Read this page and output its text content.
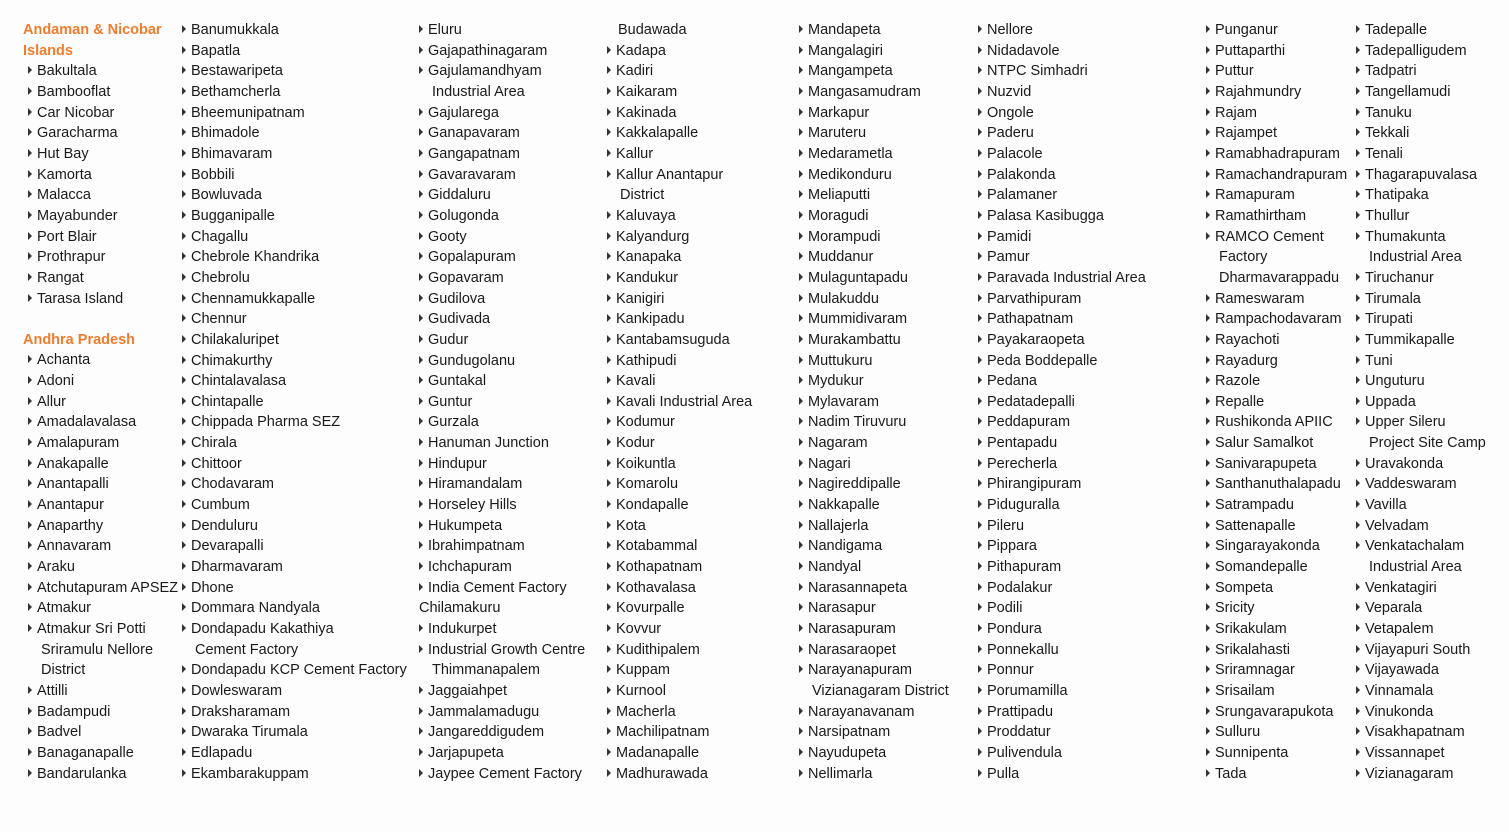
Andaman & Nicobar
Islands
Bakultala
Bambooflat
Car Nicobar
Garacharma
Hut Bay
Kamorta
Malacca
Mayabunder
Port Blair
Prothrapur
Rangat
Tarasa Island
Andhra Pradesh
Achanta
Adoni
Allur
Amadalavalasa
Amalapuram
Anakapalle
Anantapalli
Anantapur
Anaparthy
Annavaram
Araku
Atchutapuram APSEZ
Atmakur
Atmakur Sri Potti
Sriramulu Nellore
District
Attilli
Badampudi
Badvel
Banaganapalle
Bandarulanka
Banumukkala
Bapatla
Bestawaripeta
Bethamcherla
Bheemunipatnam
Bhimadole
Bhimavaram
Bobbili
Bowluvada
Bugganipalle
Chagallu
Chebrole Khandrika
Chebrolu
Chennamukkapalle
Chennur
Chilakaluripet
Chimakurthy
Chintalavalasa
Chintapalle
Chippada Pharma SEZ
Chirala
Chittoor
Chodavaram
Cumbum
Denduluru
Devarapalli
Dharmavaram
Dhone
Dommara Nandyala
Dondapadu Kakathiya
Cement Factory
Dondapadu KCP Cement Factory
Dowleswaram
Draksharamam
Dwaraka Tirumala
Edlapadu
Ekambarakuppam
Eluru
Gajapathinagaram
Gajulamandhyam
Industrial Area
Gajularega
Ganapavaram
Gangapatnam
Gavaravaram
Giddaluru
Golugonda
Gooty
Gopalapuram
Gopavaram
Gudilova
Gudivada
Gudur
Gundugolanu
Guntakal
Guntur
Gurzala
Hanuman Junction
Hindupur
Hiramandalam
Horseley Hills
Hukumpeta
Ibrahimpatnam
Ichchapuram
India Cement Factory
Chilamakuru
Indukurpet
Industrial Growth Centre
Thimmanapalem
Jaggaiahpet
Jammalamadugu
Jangareddigudem
Jarjapupeta
Jaypee Cement Factory
Budawada
Kadapa
Kadiri
Kaikaram
Kakinada
Kakkalapalle
Kallur
Kallur Anantapur
District
Kaluvaya
Kalyandurg
Kanapaka
Kandukur
Kanigiri
Kankipadu
Kantabamsuguda
Kathipudi
Kavali
Kavali Industrial Area
Kodumur
Kodur
Koikuntla
Komarolu
Kondapalle
Kota
Kotabammal
Kothapatnam
Kothavalasa
Kovurpalle
Kovvur
Kudithipalem
Kuppam
Kurnool
Macherla
Machilipatnam
Madanapalle
Madhurawada
Mandapeta
Mangalagiri
Mangampeta
Mangasamudram
Markapur
Maruteru
Medarametla
Medikonduru
Meliaputti
Moragudi
Morampudi
Muddanur
Mulaguntapadu
Mulakuddu
Mummidivaram
Murakambattu
Muttukuru
Mydukur
Mylavaram
Nadim Tiruvuru
Nagaram
Nagari
Nagireddipalle
Nakkapalle
Nallajerla
Nandigama
Nandyal
Narasannapeta
Narasapur
Narasapuram
Narasaraopet
Narayanapuram
Vizianagaram District
Narayanavanam
Narsipatnam
Nayudupeta
Nellimarla
Nellore
Nidadavole
NTPC Simhadri
Nuzvid
Ongole
Paderu
Palacole
Palakonda
Palamaner
Palasa Kasibugga
Pamidi
Pamur
Paravada Industrial Area
Parvathipuram
Pathapatnam
Payakaraopeta
Peda Boddepalle
Pedana
Pedatadepalli
Peddapuram
Pentapadu
Perecherla
Phirangipuram
Piduguralla
Pileru
Pippara
Pithapuram
Podalakur
Podili
Pondura
Ponnekallu
Ponnur
Porumamilla
Prattipadu
Proddatur
Pulivendula
Pulla
Punganur
Puttaparthi
Puttur
Rajahmundry
Rajam
Rajampet
Ramabhadrapuram
Ramachandrapuram
Ramapuram
Ramathirtham
RAMCO Cement
Factory
Dharmavarappadu
Rameswaram
Rampachodavaram
Rayachoti
Rayadurg
Razole
Repalle
Rushikonda APIIC
Salur Samalkot
Sanivarapupeta
Santhanuthalapadu
Satrampadu
Sattenapalle
Singarayakonda
Somandepalle
Sompeta
Sricity
Srikakulam
Srikalahasti
Sriramnagar
Srisailam
Srungavarapukota
Sulluru
Sunnipenta
Tada
Tadepalle
Tadepalligudem
Tadpatri
Tangellamudi
Tanuku
Tekkali
Tenali
Thagarapuvalasa
Thatipaka
Thullur
Thumakunta
Industrial Area
Tiruchanur
Tirumala
Tirupati
Tummikapalle
Tuni
Unguturu
Uppada
Upper Sileru
Project Site Camp
Uravakonda
Vaddeswaram
Vavilla
Velvadam
Venkatachalam
Industrial Area
Venkatagiri
Veparala
Vetapalem
Vijayapuri South
Vijayawada
Vinnamala
Vinukonda
Visakhapatnam
Vissannapet
Vizianagaram
